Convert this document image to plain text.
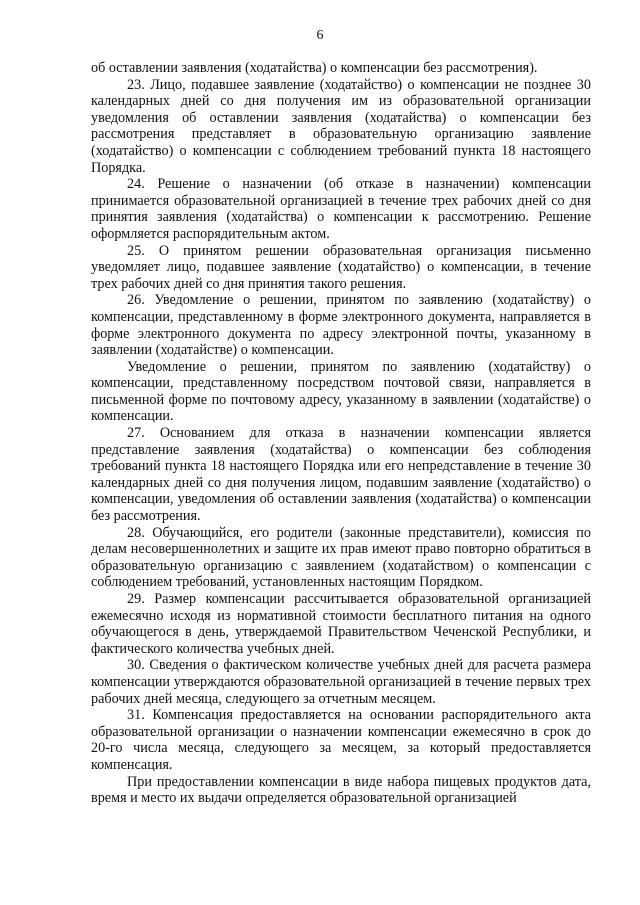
6

об оставлении заявления (ходатайства) о компенсации без рассмотрения).

23. Лицо, подавшее заявление (ходатайство) о компенсации не позднее 30 календарных дней со дня получения им из образовательной организации уведомления об оставлении заявления (ходатайства) о компенсации без рассмотрения представляет в образовательную организацию заявление (ходатайство) о компенсации с соблюдением требований пункта 18 настоящего Порядка.

24. Решение о назначении (об отказе в назначении) компенсации принимается образовательной организацией в течение трех рабочих дней со дня принятия заявления (ходатайства) о компенсации к рассмотрению. Решение оформляется распорядительным актом.

25. О принятом решении образовательная организация письменно уведомляет лицо, подавшее заявление (ходатайство) о компенсации, в течение трех рабочих дней со дня принятия такого решения.

26. Уведомление о решении, принятом по заявлению (ходатайству) о компенсации, представленному в форме электронного документа, направляется в форме электронного документа по адресу электронной почты, указанному в заявлении (ходатайстве) о компенсации.

Уведомление о решении, принятом по заявлению (ходатайству) о компенсации, представленному посредством почтовой связи, направляется в письменной форме по почтовому адресу, указанному в заявлении (ходатайстве) о компенсации.

27. Основанием для отказа в назначении компенсации является представление заявления (ходатайства) о компенсации без соблюдения требований пункта 18 настоящего Порядка или его непредставление в течение 30 календарных дней со дня получения лицом, подавшим заявление (ходатайство) о компенсации, уведомления об оставлении заявления (ходатайства) о компенсации без рассмотрения.

28. Обучающийся, его родители (законные представители), комиссия по делам несовершеннолетних и защите их прав имеют право повторно обратиться в образовательную организацию с заявлением (ходатайством) о компенсации с соблюдением требований, установленных настоящим Порядком.

29. Размер компенсации рассчитывается образовательной организацией ежемесячно исходя из нормативной стоимости бесплатного питания на одного обучающегося в день, утверждаемой Правительством Чеченской Республики, и фактического количества учебных дней.

30. Сведения о фактическом количестве учебных дней для расчета размера компенсации утверждаются образовательной организацией в течение первых трех рабочих дней месяца, следующего за отчетным месяцем.

31. Компенсация предоставляется на основании распорядительного акта образовательной организации о назначении компенсации ежемесячно в срок до 20-го числа месяца, следующего за месяцем, за который предоставляется компенсация.

При предоставлении компенсации в виде набора пищевых продуктов дата, время и место их выдачи определяется образовательной организацией
